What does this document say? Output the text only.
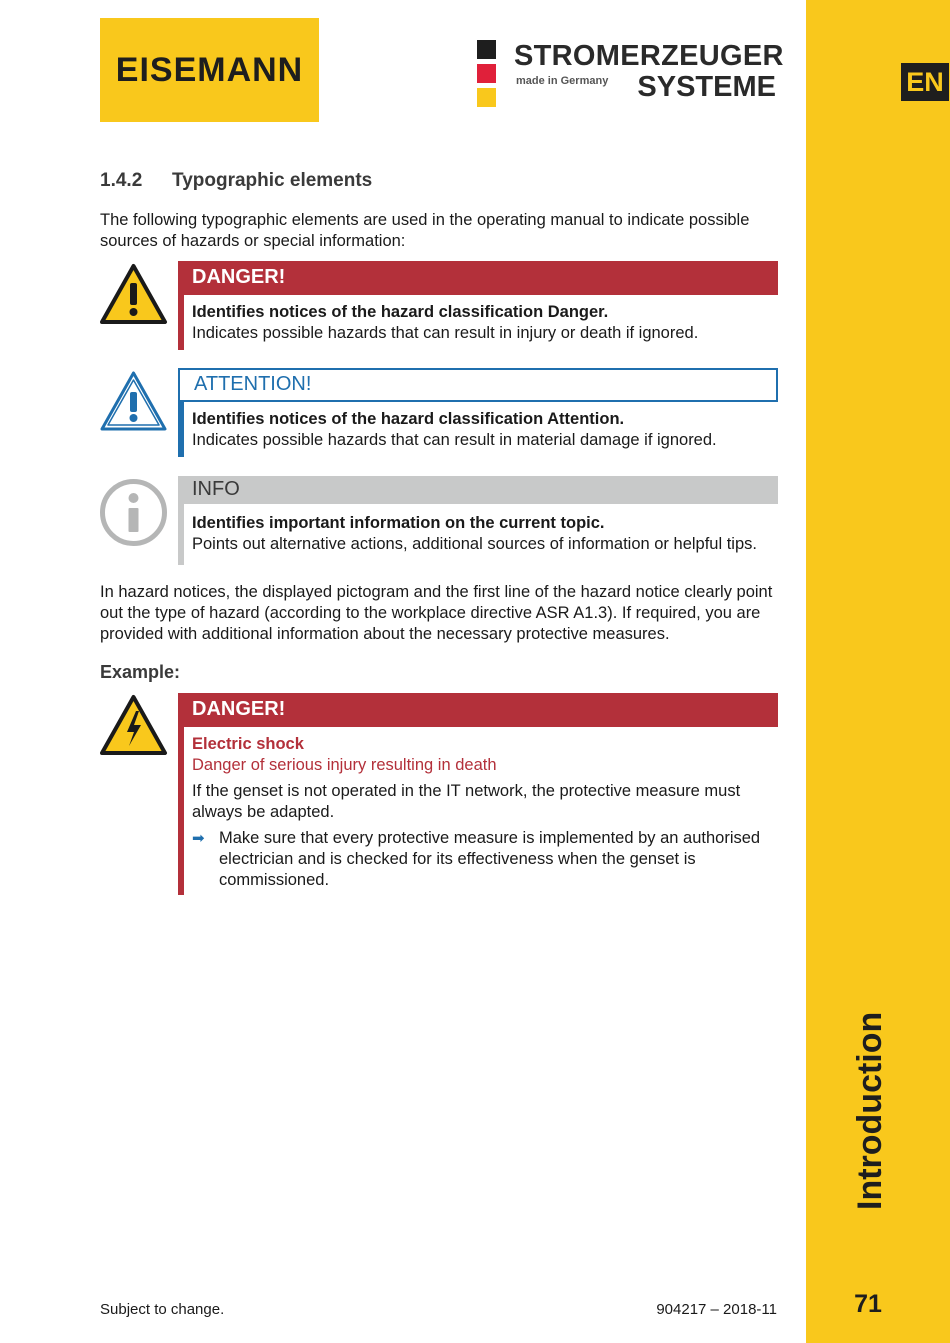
EN
Introduction
71
EISEMANN	STROMERZEUGER
made in Germany	SYSTEME
1.4.2 Typographic elements
The following typographic elements are used in the operating manual to indicate possible sources of hazards or special information:
DANGER!
Identifies notices of the hazard classification Danger.
Indicates possible hazards that can result in injury or death if ignored.
ATTENTION!
Identifies notices of the hazard classification Attention.
Indicates possible hazards that can result in material damage if ignored.
INFO
Identifies important information on the current topic.
Points out alternative actions, additional sources of information or helpful tips.
In hazard notices, the displayed pictogram and the first line of the hazard notice clearly point out the type of hazard (according to the workplace directive ASR A1.3). If required, you are provided with additional information about the necessary protective measures.
Example:
DANGER!
Electric shock
Danger of serious injury resulting in death
If the genset is not operated in the IT network, the protective measure must always be adapted.
➡ Make sure that every protective measure is implemented by an authorised electrician and is checked for its effectiveness when the genset is commissioned.
Subject to change.	904217 – 2018-11
